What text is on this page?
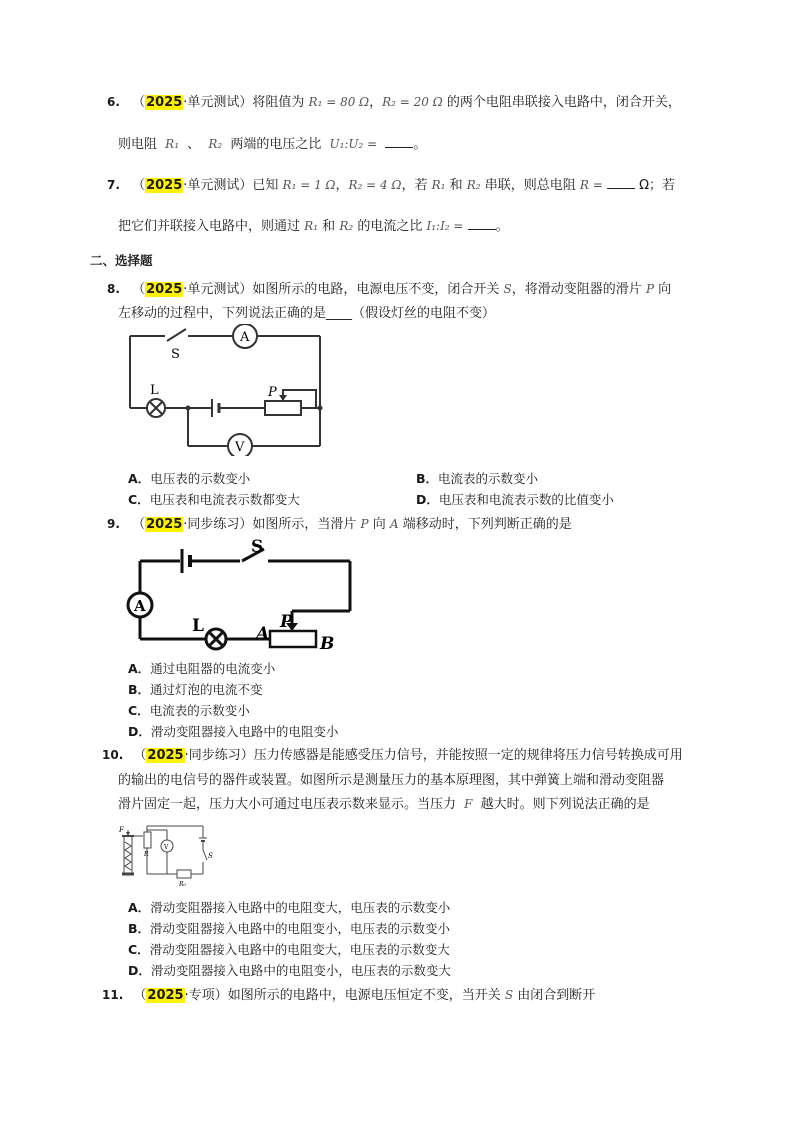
6. （2025·单元测试）将阻值为 R₁ = 80 Ω，R₂ = 20 Ω 的两个电阻串联接入电路中，闭合开关，
则电阻 R₁ 、 R₂ 两端的电压之比 U₁:U₂ =	。
7. （2025·单元测试）已知 R₁ = 1 Ω，R₂ = 4 Ω，若 R₁ 和 R₂ 串联，则总电阻 R =	Ω；若
把它们并联接入电路中，则通过 R₁ 和 R₂ 的电流之比 I₁:I₂ = 。
二、选择题
8. （2025·单元测试）如图所示的电路，电源电压不变，闭合开关 S，将滑动变阻器的滑片 P 向
左移动的过程中，下列说法正确的是____（假设灯丝的电阻不变）
S
A
L	P
V
A．电压表的示数变小	B．电流表的示数变小
C．电压表和电流表示数都变大	D．电压表和电流表示数的比值变小
9. （2025·同步练习）如图所示，当滑片 P 向 A 端移动时，下列判断正确的是
S
A
L	A
P
B
A．通过电阻器的电流变小
B．通过灯泡的电流不变
C．电流表的示数变小
D．滑动变阻器接入电路中的电阻变小
10. （2025·同步练习）压力传感器是能感受压力信号，并能按照一定的规律将压力信号转换成可用
的输出的电信号的器件或装置。如图所示是测量压力的基本原理图，其中弹簧上端和滑动变阻器
滑片固定一起，压力大小可通过电压表示数来显示。当压力 F 越大时。则下列说法正确的是
F
R
V
S
R₀
A．滑动变阻器接入电路中的电阻变大，电压表的示数变小
B．滑动变阻器接入电路中的电阻变小，电压表的示数变小
C．滑动变阻器接入电路中的电阻变大，电压表的示数变大
D．滑动变阻器接入电路中的电阻变小，电压表的示数变大
11. （2025·专项）如图所示的电路中，电源电压恒定不变，当开关 S 由闭合到断开
